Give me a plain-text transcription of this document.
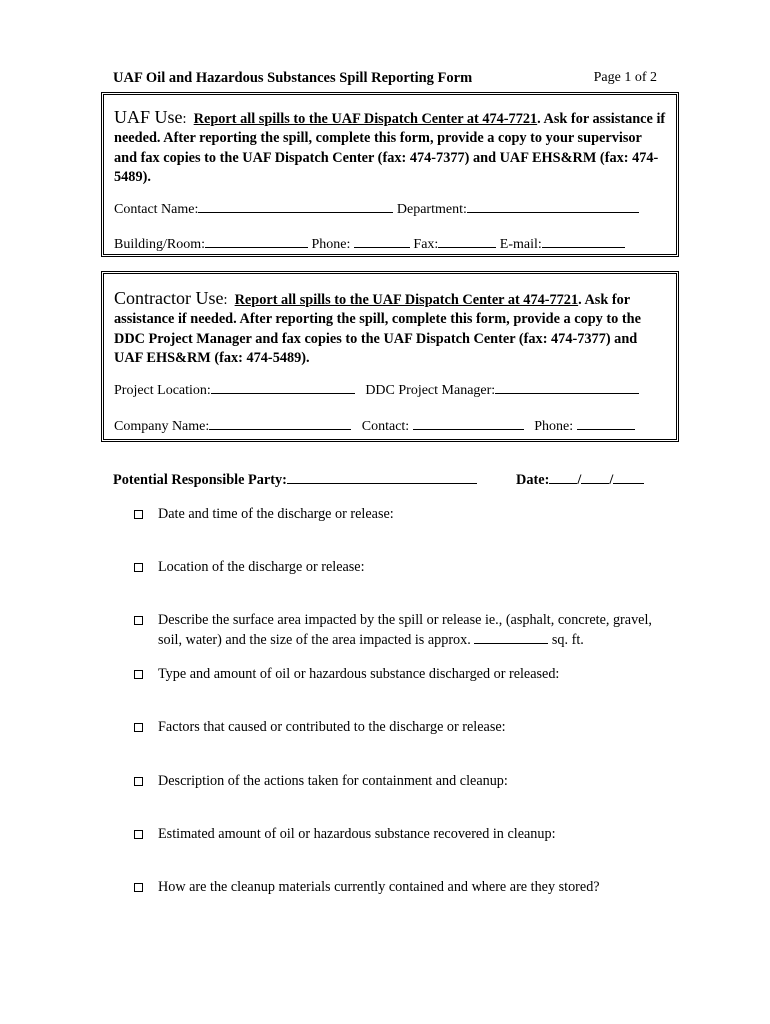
UAF Oil and Hazardous Substances Spill Reporting Form	Page 1 of 2
UAF Use: Report all spills to the UAF Dispatch Center at 474-7721. Ask for assistance if needed. After reporting the spill, complete this form, provide a copy to your supervisor and fax copies to the UAF Dispatch Center (fax: 474-7377) and UAF EHS&RM (fax: 474-5489).
Contact Name:	Department:
Building/Room:	Phone:	Fax:	E-mail:
Contractor Use: Report all spills to the UAF Dispatch Center at 474-7721. Ask for assistance if needed. After reporting the spill, complete this form, provide a copy to the DDC Project Manager and fax copies to the UAF Dispatch Center (fax: 474-7377) and UAF EHS&RM (fax: 474-5489).
Project Location:	DDC Project Manager:
Company Name:	Contact:	Phone:
Potential Responsible Party:	Date: / /
Date and time of the discharge or release:
Location of the discharge or release:
Describe the surface area impacted by the spill or release ie., (asphalt, concrete, gravel, soil, water) and the size of the area impacted is approx.	sq. ft.
Type and amount of oil or hazardous substance discharged or released:
Factors that caused or contributed to the discharge or release:
Description of the actions taken for containment and cleanup:
Estimated amount of oil or hazardous substance recovered in cleanup:
How are the cleanup materials currently contained and where are they stored?
